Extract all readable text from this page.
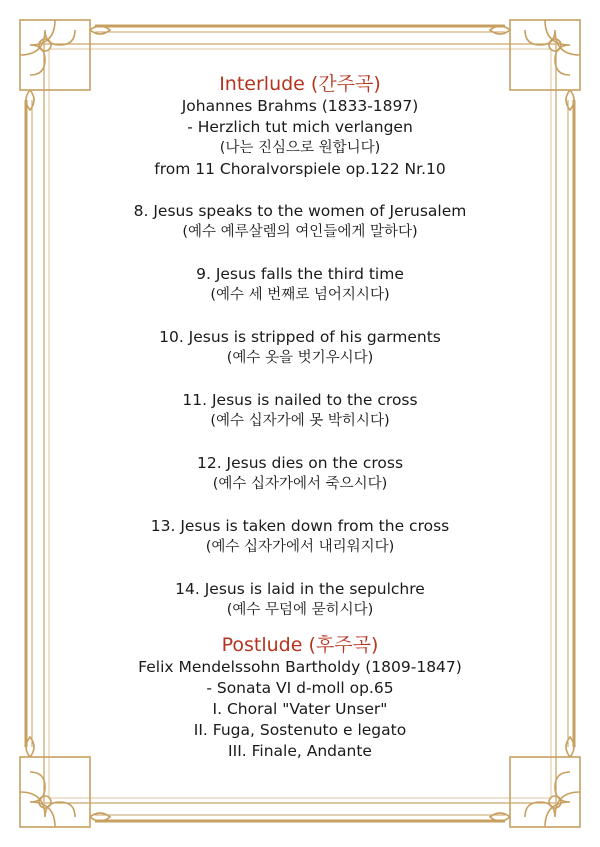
Interlude (간주곡)
Johannes Brahms (1833-1897)
- Herzlich tut mich verlangen
(나는 진심으로 원합니다)
from 11 Choralvorspiele op.122 Nr.10
8. Jesus speaks to the women of Jerusalem
(예수 예루살렘의 여인들에게 말하다)
9. Jesus falls the third time
(예수 세 번째로 넘어지시다)
10. Jesus is stripped of his garments
(예수 옷을 벗기우시다)
11. Jesus is nailed to the cross
(예수 십자가에 못 박히시다)
12. Jesus dies on the cross
(예수 십자가에서 죽으시다)
13. Jesus is taken down from the cross
(예수 십자가에서 내리워지다)
14. Jesus is laid in the sepulchre
(예수 무덤에 묻히시다)
Postlude (후주곡)
Felix Mendelssohn Bartholdy (1809-1847)
- Sonata VI d-moll op.65
I. Choral "Vater Unser"
II. Fuga, Sostenuto e legato
III. Finale, Andante
